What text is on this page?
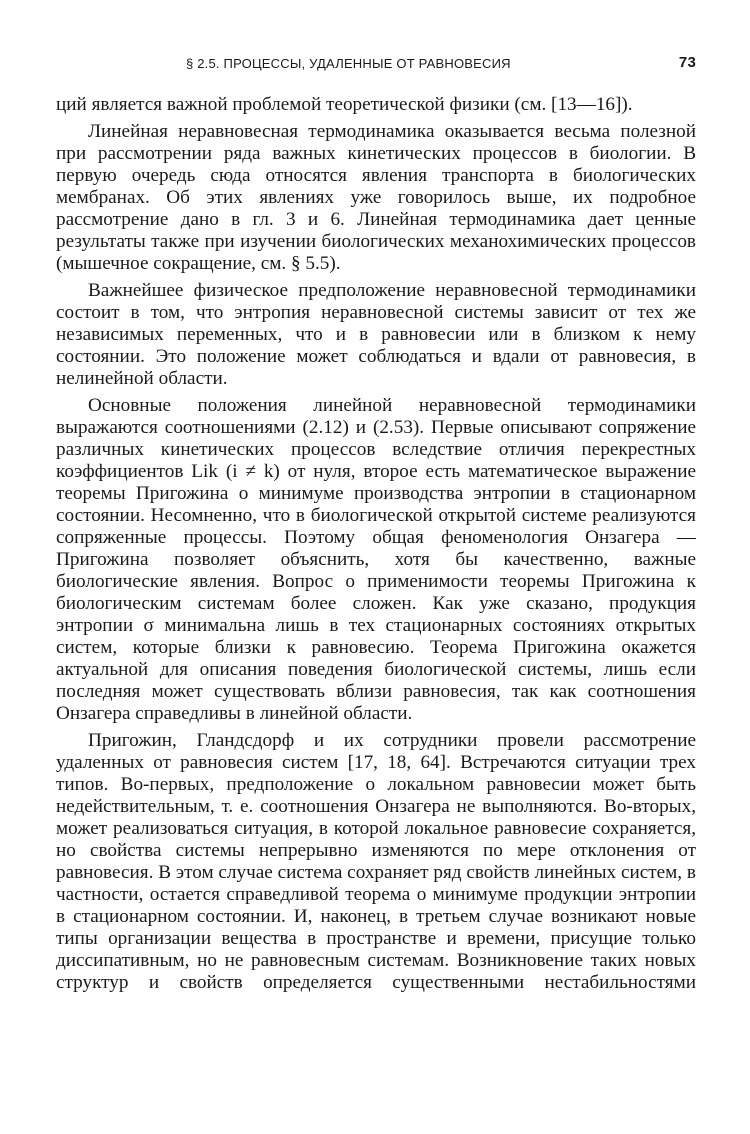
§ 2.5. ПРОЦЕССЫ, УДАЛЕННЫЕ ОТ РАВНОВЕСИЯ	73

ций является важной проблемой теоретической физики (см. [13—16]).

Линейная неравновесная термодинамика оказывается весьма полезной при рассмотрении ряда важных кинетических процессов в биологии. В первую очередь сюда относятся явления транспорта в биологических мембранах. Об этих явлениях уже говорилось выше, их подробное рассмотрение дано в гл. 3 и 6. Линейная термодинамика дает ценные результаты также при изучении биологических механохимических процессов (мышечное сокращение, см. § 5.5).

Важнейшее физическое предположение неравновесной термодинамики состоит в том, что энтропия неравновесной системы зависит от тех же независимых переменных, что и в равновесии или в близком к нему состоянии. Это положение может соблюдаться и вдали от равновесия, в нелинейной области.

Основные положения линейной неравновесной термодинамики выражаются соотношениями (2.12) и (2.53). Первые описывают сопряжение различных кинетических процессов вследствие отличия перекрестных коэффициентов Lik (i ≠ k) от нуля, второе есть математическое выражение теоремы Пригожина о минимуме производства энтропии в стационарном состоянии. Несомненно, что в биологической открытой системе реализуются сопряженные процессы. Поэтому общая феноменология Онзагера — Пригожина позволяет объяснить, хотя бы качественно, важные биологические явления. Вопрос о применимости теоремы Пригожина к биологическим системам более сложен. Как уже сказано, продукция энтропии σ минимальна лишь в тех стационарных состояниях открытых систем, которые близки к равновесию. Теорема Пригожина окажется актуальной для описания поведения биологической системы, лишь если последняя может существовать вблизи равновесия, так как соотношения Онзагера справедливы в линейной области.

Пригожин, Гландсдорф и их сотрудники провели рассмотрение удаленных от равновесия систем [17, 18, 64]. Встречаются ситуации трех типов. Во-первых, предположение о локальном равновесии может быть недействительным, т. е. соотношения Онзагера не выполняются. Во-вторых, может реализоваться ситуация, в которой локальное равновесие сохраняется, но свойства системы непрерывно изменяются по мере отклонения от равновесия. В этом случае система сохраняет ряд свойств линейных систем, в частности, остается справедливой теорема о минимуме продукции энтропии в стационарном состоянии. И, наконец, в третьем случае возникают новые типы организации вещества в пространстве и времени, присущие только диссипативным, но не равновесным системам. Возникновение таких новых структур и свойств определяется существенными нестабильностями
